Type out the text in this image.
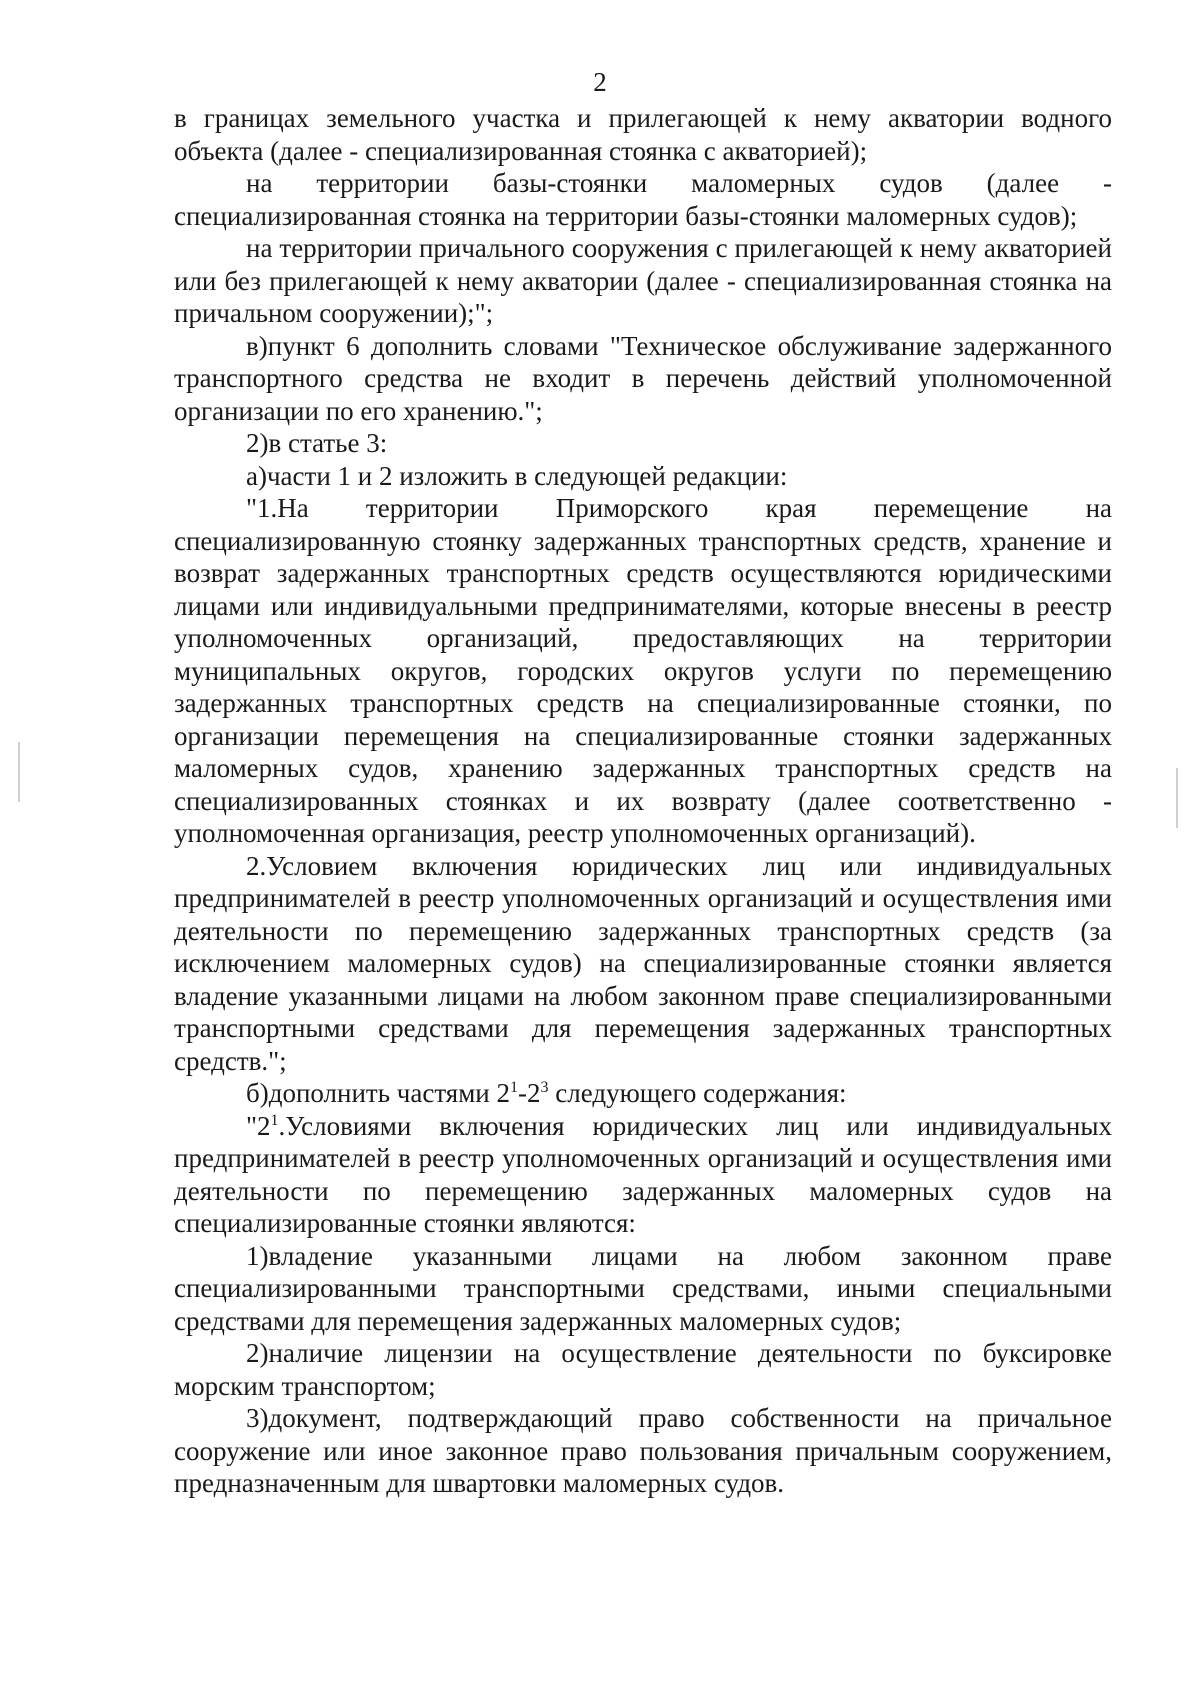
2

в границах земельного участка и прилегающей к нему акватории водного объекта (далее - специализированная стоянка с акваторией);

на территории базы-стоянки маломерных судов (далее - специализированная стоянка на территории базы-стоянки маломерных судов);

на территории причального сооружения с прилегающей к нему акваторией или без прилегающей к нему акватории (далее - специализированная стоянка на причальном сооружении);";

в)пункт 6 дополнить словами "Техническое обслуживание задержанного транспортного средства не входит в перечень действий уполномоченной организации по его хранению.";

2)в статье 3:

а)части 1 и 2 изложить в следующей редакции:

"1.На территории Приморского края перемещение на специализированную стоянку задержанных транспортных средств, хранение и возврат задержанных транспортных средств осуществляются юридическими лицами или индивидуальными предпринимателями, которые внесены в реестр уполномоченных организаций, предоставляющих на территории муниципальных округов, городских округов услуги по перемещению задержанных транспортных средств на специализированные стоянки, по организации перемещения на специализированные стоянки задержанных маломерных судов, хранению задержанных транспортных средств на специализированных стоянках и их возврату (далее соответственно - уполномоченная организация, реестр уполномоченных организаций).

2.Условием включения юридических лиц или индивидуальных предпринимателей в реестр уполномоченных организаций и осуществления ими деятельности по перемещению задержанных транспортных средств (за исключением маломерных судов) на специализированные стоянки является владение указанными лицами на любом законном праве специализированными транспортными средствами для перемещения задержанных транспортных средств.";

б)дополнить частями $2^1-2^3$ следующего содержания:

"$2^1.Условиями$ включения юридических лиц или индивидуальных предпринимателей в реестр уполномоченных организаций и осуществления ими деятельности по перемещению задержанных маломерных судов на специализированные стоянки являются:

1)владение указанными лицами на любом законном праве специализированными транспортными средствами, иными специальными средствами для перемещения задержанных маломерных судов;

2)наличие лицензии на осуществление деятельности по буксировке морским транспортом;

3)документ, подтверждающий право собственности на причальное сооружение или иное законное право пользования причальным сооружением, предназначенным для швартовки маломерных судов.
